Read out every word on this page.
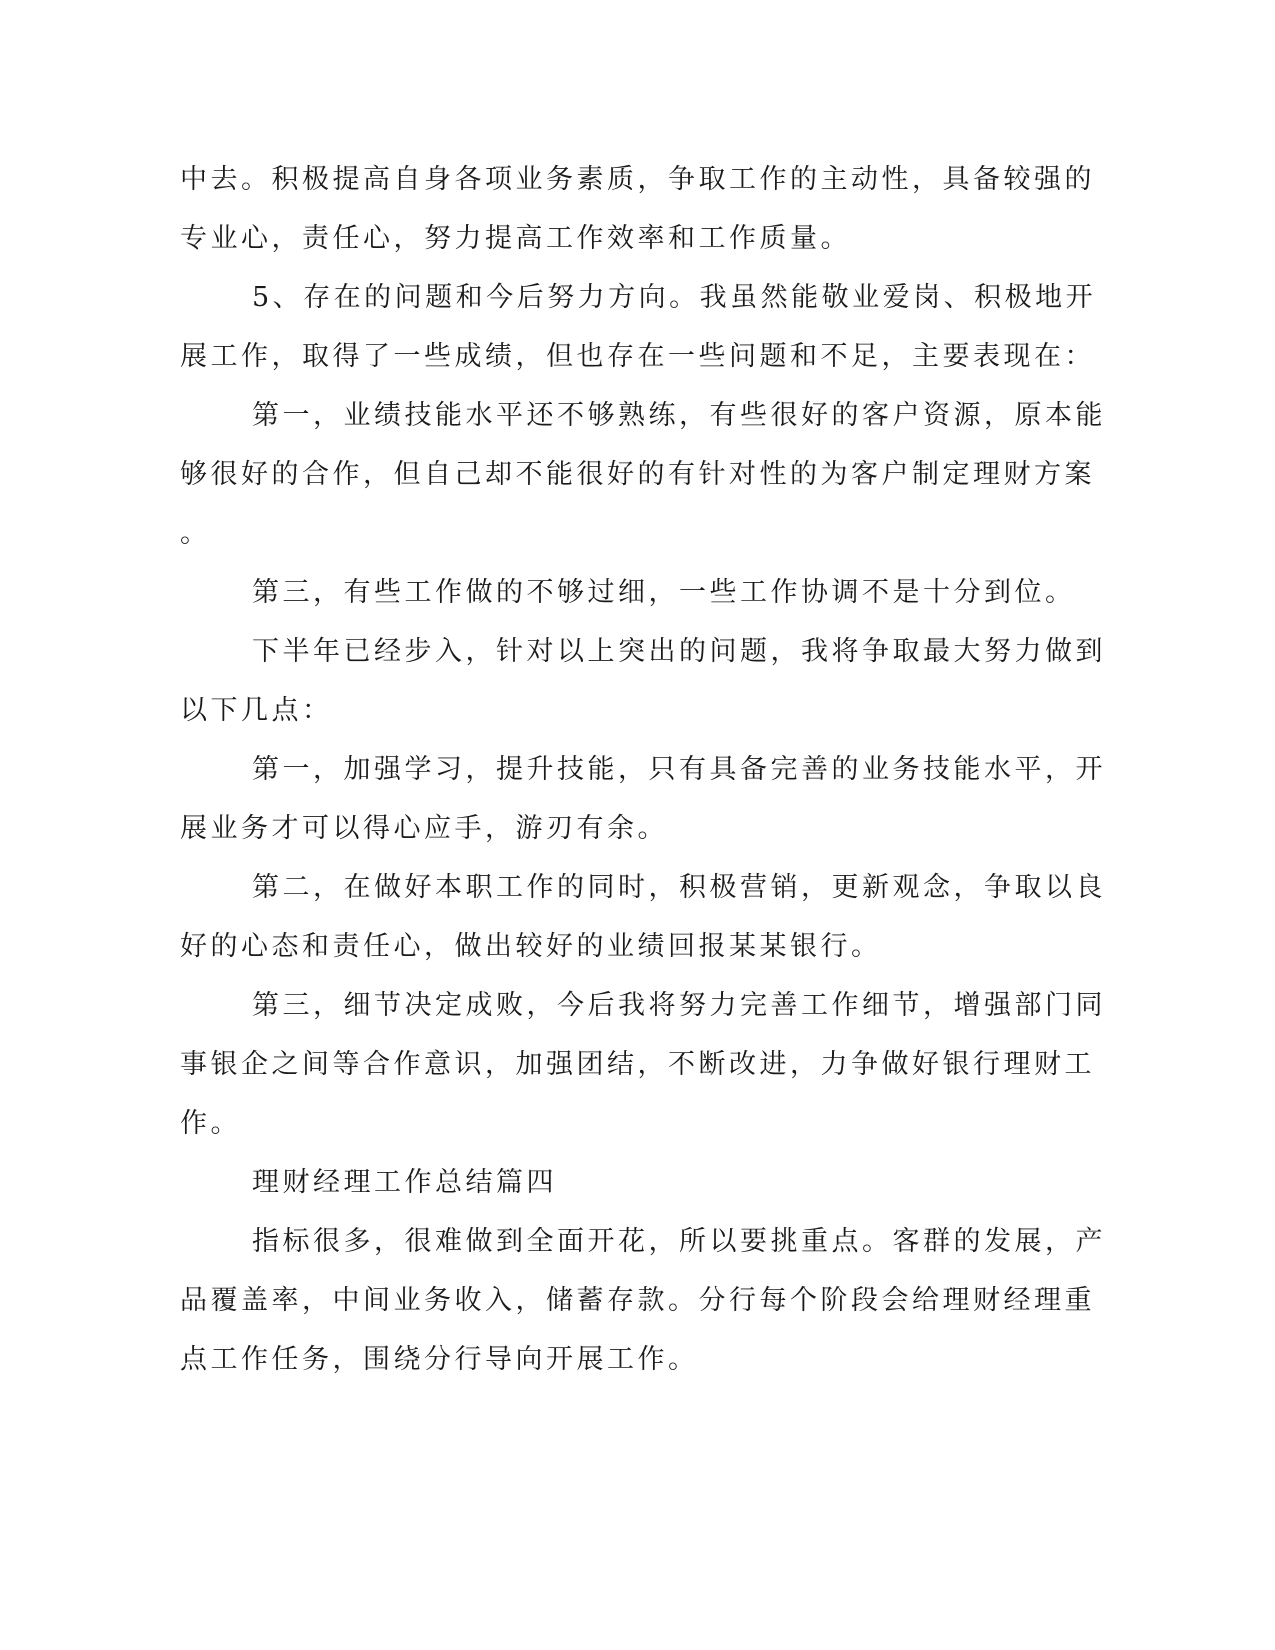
中去。积极提高自身各项业务素质，争取工作的主动性，具备较强的

专业心，责任心，努力提高工作效率和工作质量。

5、存在的问题和今后努力方向。我虽然能敬业爱岗、积极地开

展工作，取得了一些成绩，但也存在一些问题和不足，主要表现在：

第一，业绩技能水平还不够熟练，有些很好的客户资源，原本能

够很好的合作，但自己却不能很好的有针对性的为客户制定理财方案

。

第三，有些工作做的不够过细，一些工作协调不是十分到位。

下半年已经步入，针对以上突出的问题，我将争取最大努力做到

以下几点：

第一，加强学习，提升技能，只有具备完善的业务技能水平，开

展业务才可以得心应手，游刃有余。

第二，在做好本职工作的同时，积极营销，更新观念，争取以良

好的心态和责任心，做出较好的业绩回报某某银行。

第三，细节决定成败，今后我将努力完善工作细节，增强部门同

事银企之间等合作意识，加强团结，不断改进，力争做好银行理财工

作。

理财经理工作总结篇四

指标很多，很难做到全面开花，所以要挑重点。客群的发展，产

品覆盖率，中间业务收入，储蓄存款。分行每个阶段会给理财经理重

点工作任务，围绕分行导向开展工作。
